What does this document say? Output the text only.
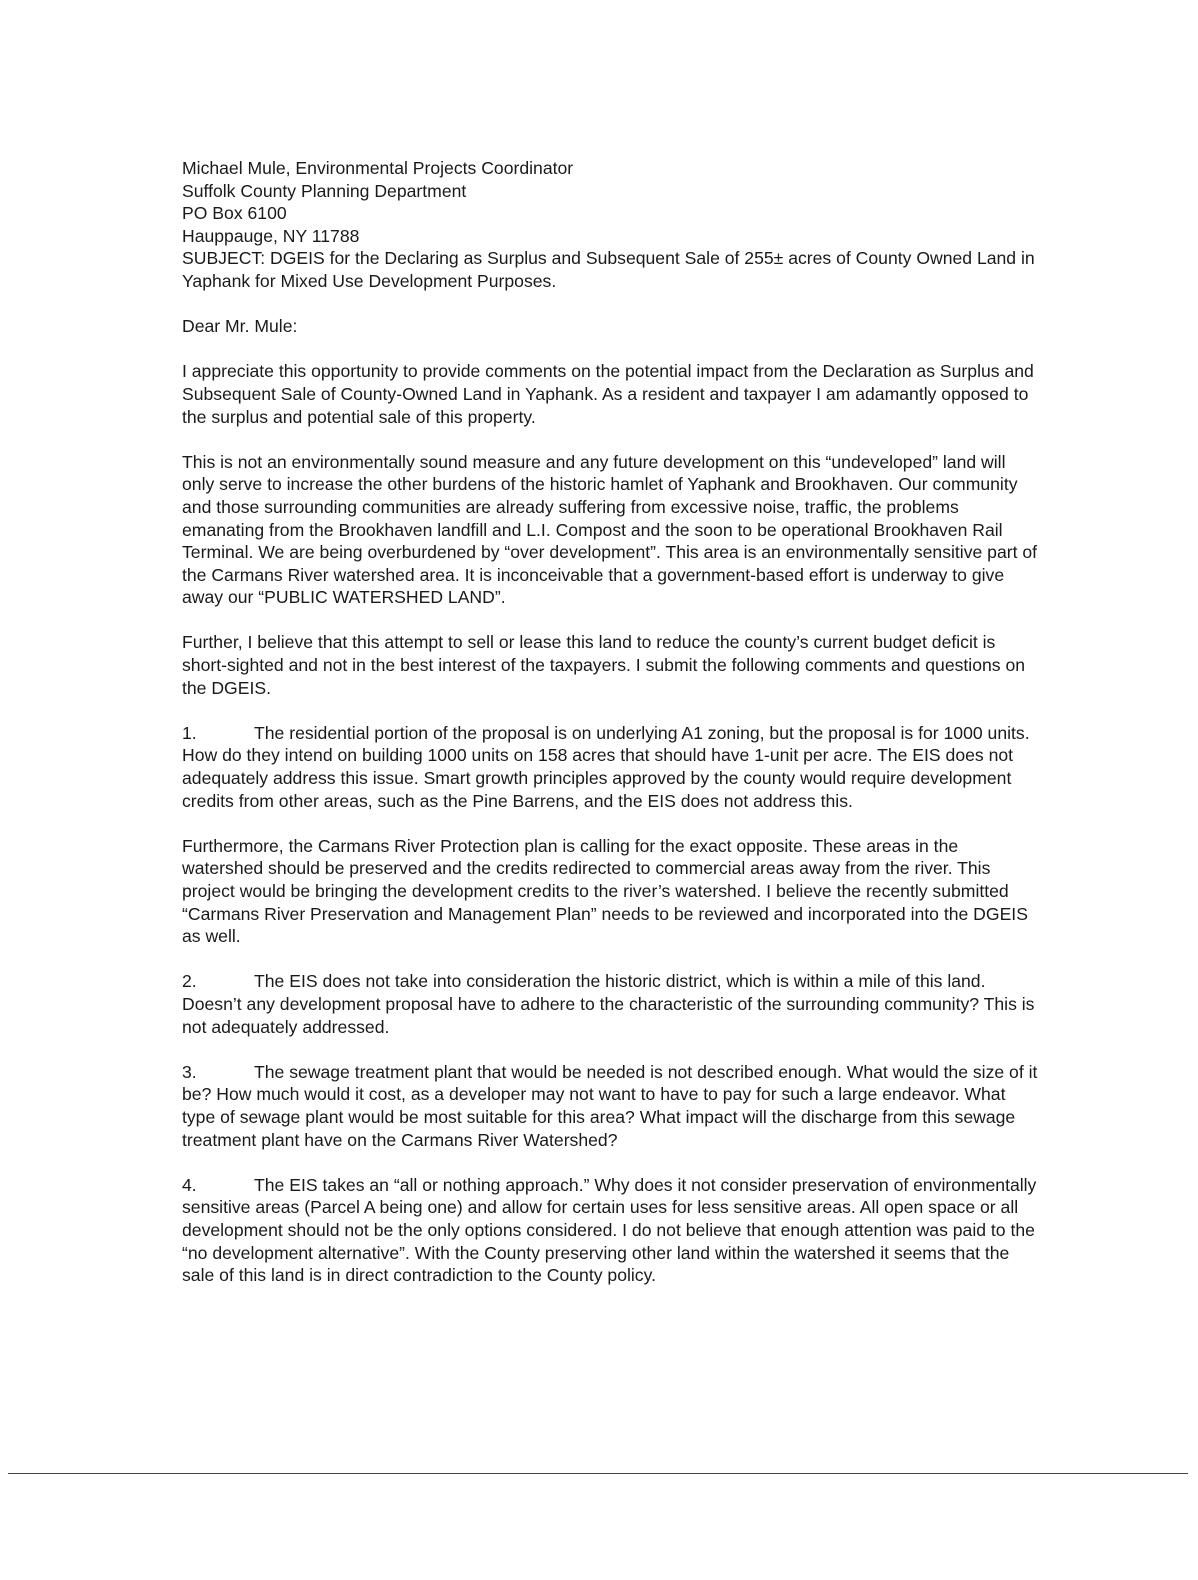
Michael Mule, Environmental Projects Coordinator

Suffolk County Planning Department

PO Box 6100

Hauppauge, NY 11788

SUBJECT: DGEIS for the Declaring as Surplus and Subsequent Sale of 255± acres of County Owned Land in Yaphank for Mixed Use Development Purposes.

Dear Mr. Mule:

I appreciate this opportunity to provide comments on the potential impact from the Declaration as Surplus and Subsequent Sale of County-Owned Land in Yaphank. As a resident and taxpayer I am adamantly opposed to the surplus and potential sale of this property.

This is not an environmentally sound measure and any future development on this “undeveloped” land will only serve to increase the other burdens of the historic hamlet of Yaphank and Brookhaven. Our community and those surrounding communities are already suffering from excessive noise, traffic, the problems emanating from the Brookhaven landfill and L.I. Compost and the soon to be operational Brookhaven Rail Terminal. We are being overburdened by “over development”. This area is an environmentally sensitive part of the Carmans River watershed area. It is inconceivable that a government-based effort is underway to give away our “PUBLIC WATERSHED LAND”.

Further, I believe that this attempt to sell or lease this land to reduce the county’s current budget deficit is short-sighted and not in the best interest of the taxpayers. I submit the following comments and questions on the DGEIS.

1.	The residential portion of the proposal is on underlying A1 zoning, but the proposal is for 1000 units. How do they intend on building 1000 units on 158 acres that should have 1-unit per acre. The EIS does not adequately address this issue. Smart growth principles approved by the county would require development credits from other areas, such as the Pine Barrens, and the EIS does not address this.

Furthermore, the Carmans River Protection plan is calling for the exact opposite. These areas in the watershed should be preserved and the credits redirected to commercial areas away from the river. This project would be bringing the development credits to the river’s watershed. I believe the recently submitted “Carmans River Preservation and Management Plan” needs to be reviewed and incorporated into the DGEIS as well.

2.	The EIS does not take into consideration the historic district, which is within a mile of this land. Doesn’t any development proposal have to adhere to the characteristic of the surrounding community? This is not adequately addressed.

3.	The sewage treatment plant that would be needed is not described enough. What would the size of it be? How much would it cost, as a developer may not want to have to pay for such a large endeavor. What type of sewage plant would be most suitable for this area? What impact will the discharge from this sewage treatment plant have on the Carmans River Watershed?

4.	The EIS takes an “all or nothing approach.” Why does it not consider preservation of environmentally sensitive areas (Parcel A being one) and allow for certain uses for less sensitive areas. All open space or all development should not be the only options considered. I do not believe that enough attention was paid to the “no development alternative”. With the County preserving other land within the watershed it seems that the sale of this land is in direct contradiction to the County policy.
